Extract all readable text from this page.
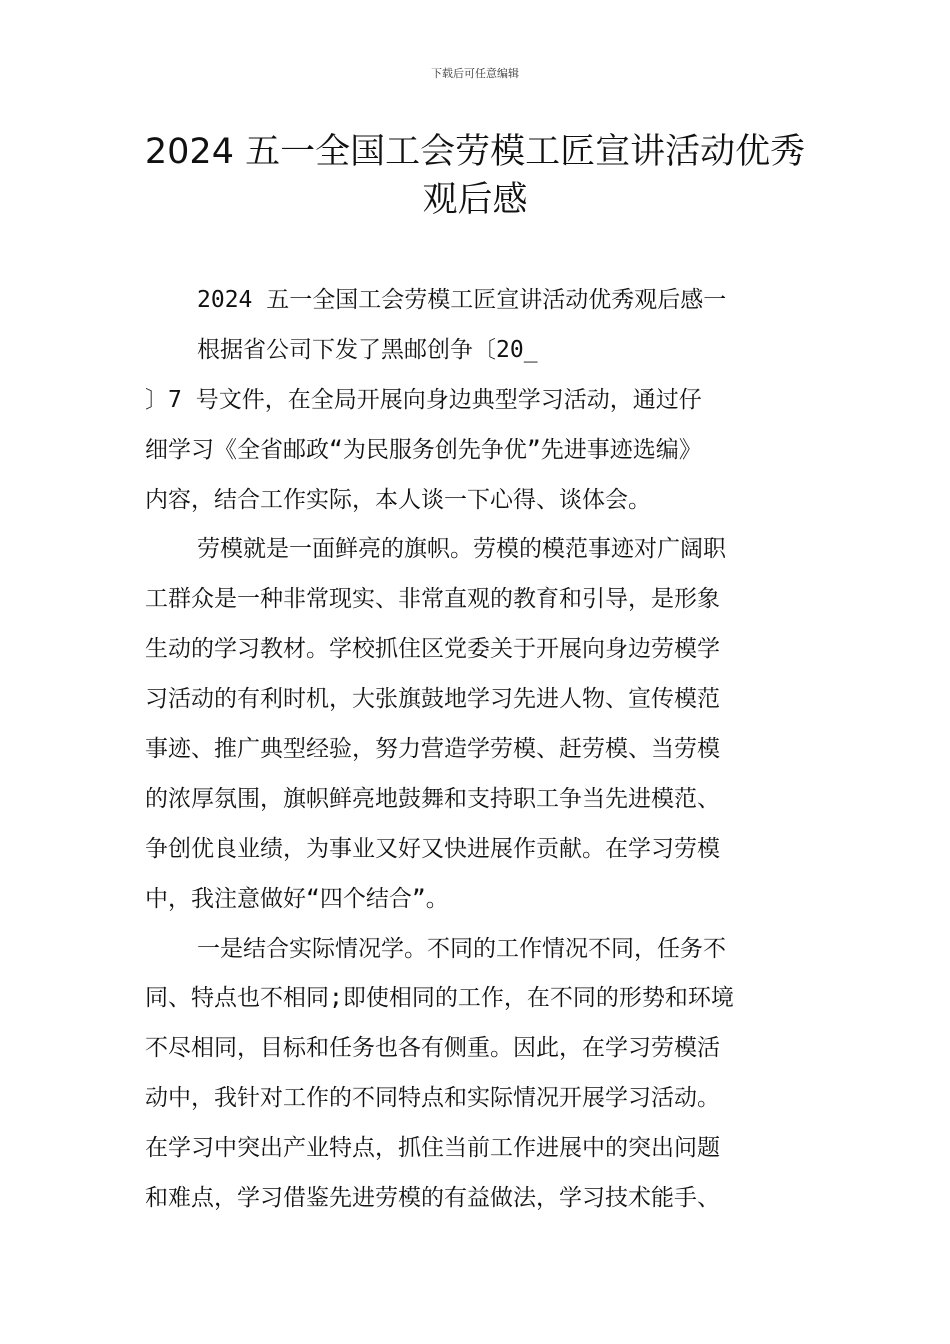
下载后可任意编辑
2024 五一全国工会劳模工匠宣讲活动优秀
观后感
2024 五一全国工会劳模工匠宣讲活动优秀观后感一
根据省公司下发了黑邮创争〔20_
〕7 号文件，在全局开展向身边典型学习活动，通过仔
细学习《全省邮政“为民服务创先争优”先进事迹选编》
内容，结合工作实际，本人谈一下心得、谈体会。
劳模就是一面鲜亮的旗帜。劳模的模范事迹对广阔职
工群众是一种非常现实、非常直观的教育和引导，是形象
生动的学习教材。学校抓住区党委关于开展向身边劳模学
习活动的有利时机，大张旗鼓地学习先进人物、宣传模范
事迹、推广典型经验，努力营造学劳模、赶劳模、当劳模
的浓厚氛围，旗帜鲜亮地鼓舞和支持职工争当先进模范、
争创优良业绩，为事业又好又快进展作贡献。在学习劳模
中，我注意做好“四个结合”。
一是结合实际情况学。不同的工作情况不同，任务不
同、特点也不相同;即使相同的工作，在不同的形势和环境
不尽相同，目标和任务也各有侧重。因此，在学习劳模活
动中，我针对工作的不同特点和实际情况开展学习活动。
在学习中突出产业特点，抓住当前工作进展中的突出问题
和难点，学习借鉴先进劳模的有益做法，学习技术能手、
